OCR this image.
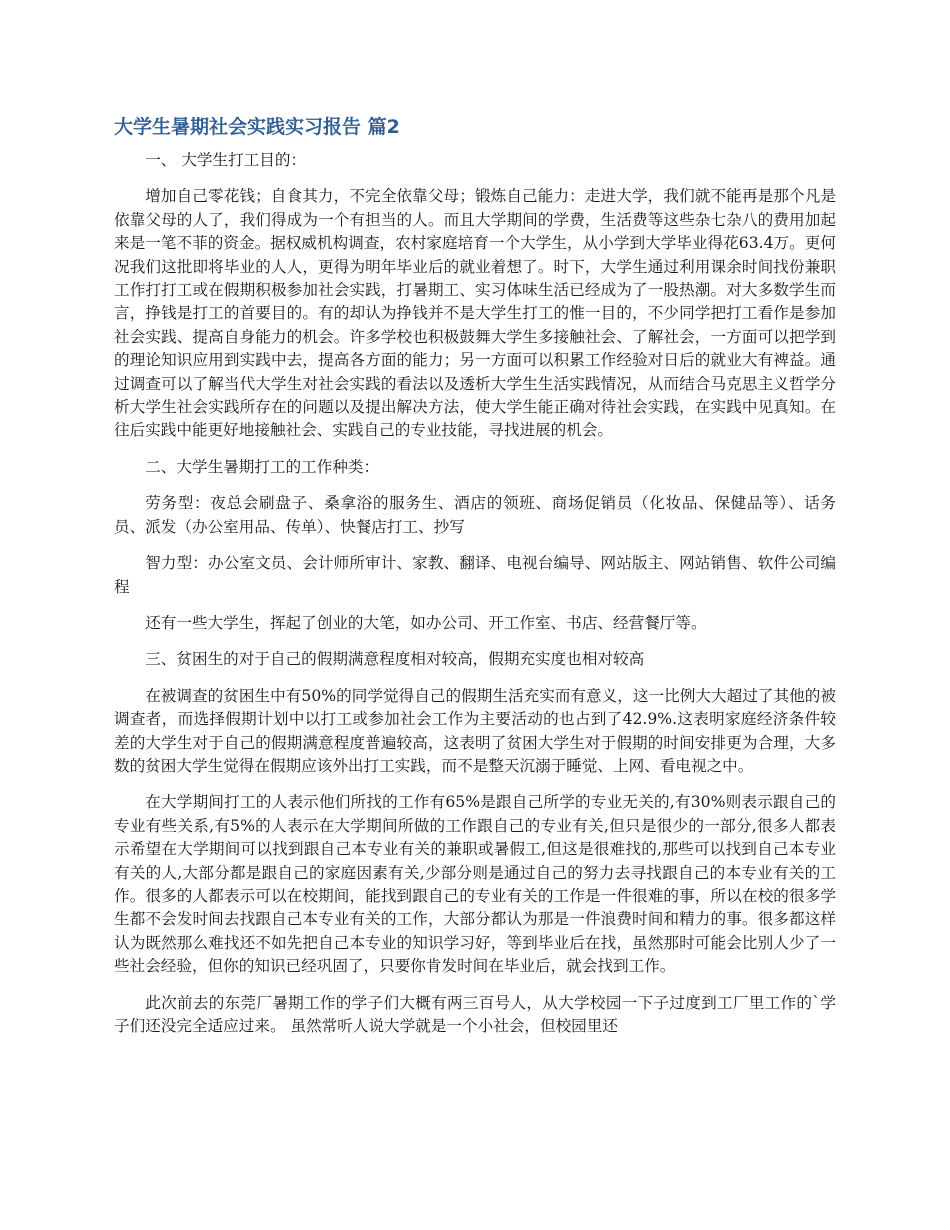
大学生暑期社会实践实习报告 篇2

一、 大学生打工目的：

增加自己零花钱；自食其力，不完全依靠父母；锻炼自己能力：走进大学，我们就不能再是那个凡是依靠父母的人了，我们得成为一个有担当的人。而且大学期间的学费，生活费等这些杂七杂八的费用加起来是一笔不菲的资金。据权威机构调查，农村家庭培育一个大学生，从小学到大学毕业得花63.4万。更何况我们这批即将毕业的人人，更得为明年毕业后的就业着想了。时下，大学生通过利用课余时间找份兼职工作打打工或在假期积极参加社会实践，打暑期工、实习体味生活已经成为了一股热潮。对大多数学生而言，挣钱是打工的首要目的。有的却认为挣钱并不是大学生打工的惟一目的，不少同学把打工看作是参加社会实践、提高自身能力的机会。许多学校也积极鼓舞大学生多接触社会、了解社会，一方面可以把学到的理论知识应用到实践中去，提高各方面的能力；另一方面可以积累工作经验对日后的就业大有裨益。通过调查可以了解当代大学生对社会实践的看法以及透析大学生生活实践情况，从而结合马克思主义哲学分析大学生社会实践所存在的问题以及提出解决方法，使大学生能正确对待社会实践，在实践中见真知。在往后实践中能更好地接触社会、实践自己的专业技能，寻找进展的机会。

二、大学生暑期打工的工作种类：

劳务型：夜总会刷盘子、桑拿浴的服务生、酒店的领班、商场促销员（化妆品、保健品等）、话务员、派发（办公室用品、传单）、快餐店打工、抄写

智力型：办公室文员、会计师所审计、家教、翻译、电视台编导、网站版主、网站销售、软件公司编程

还有一些大学生，挥起了创业的大笔，如办公司、开工作室、书店、经营餐厅等。

三、贫困生的对于自己的假期满意程度相对较高，假期充实度也相对较高

在被调查的贫困生中有50%的同学觉得自己的假期生活充实而有意义，这一比例大大超过了其他的被调查者，而选择假期计划中以打工或参加社会工作为主要活动的也占到了42.9%.这表明家庭经济条件较差的大学生对于自己的假期满意程度普遍较高，这表明了贫困大学生对于假期的时间安排更为合理，大多数的贫困大学生觉得在假期应该外出打工实践，而不是整天沉溺于睡觉、上网、看电视之中。

在大学期间打工的人表示他们所找的工作有65%是跟自己所学的专业无关的,有30%则表示跟自己的专业有些关系,有5%的人表示在大学期间所做的工作跟自己的专业有关,但只是很少的一部分,很多人都表示希望在大学期间可以找到跟自己本专业有关的兼职或暑假工,但这是很难找的,那些可以找到自己本专业有关的人,大部分都是跟自己的家庭因素有关,少部分则是通过自己的努力去寻找跟自己的本专业有关的工作。很多的人都表示可以在校期间，能找到跟自己的专业有关的工作是一件很难的事，所以在校的很多学生都不会发时间去找跟自己本专业有关的工作，大部分都认为那是一件浪费时间和精力的事。很多都这样认为既然那么难找还不如先把自己本专业的知识学习好，等到毕业后在找，虽然那时可能会比别人少了一些社会经验，但你的知识已经巩固了，只要你肯发时间在毕业后，就会找到工作。

此次前去的东莞厂暑期工作的学子们大概有两三百号人，从大学校园一下子过度到工厂里工作的`学子们还没完全适应过来。 虽然常听人说大学就是一个小社会，但校园里还
